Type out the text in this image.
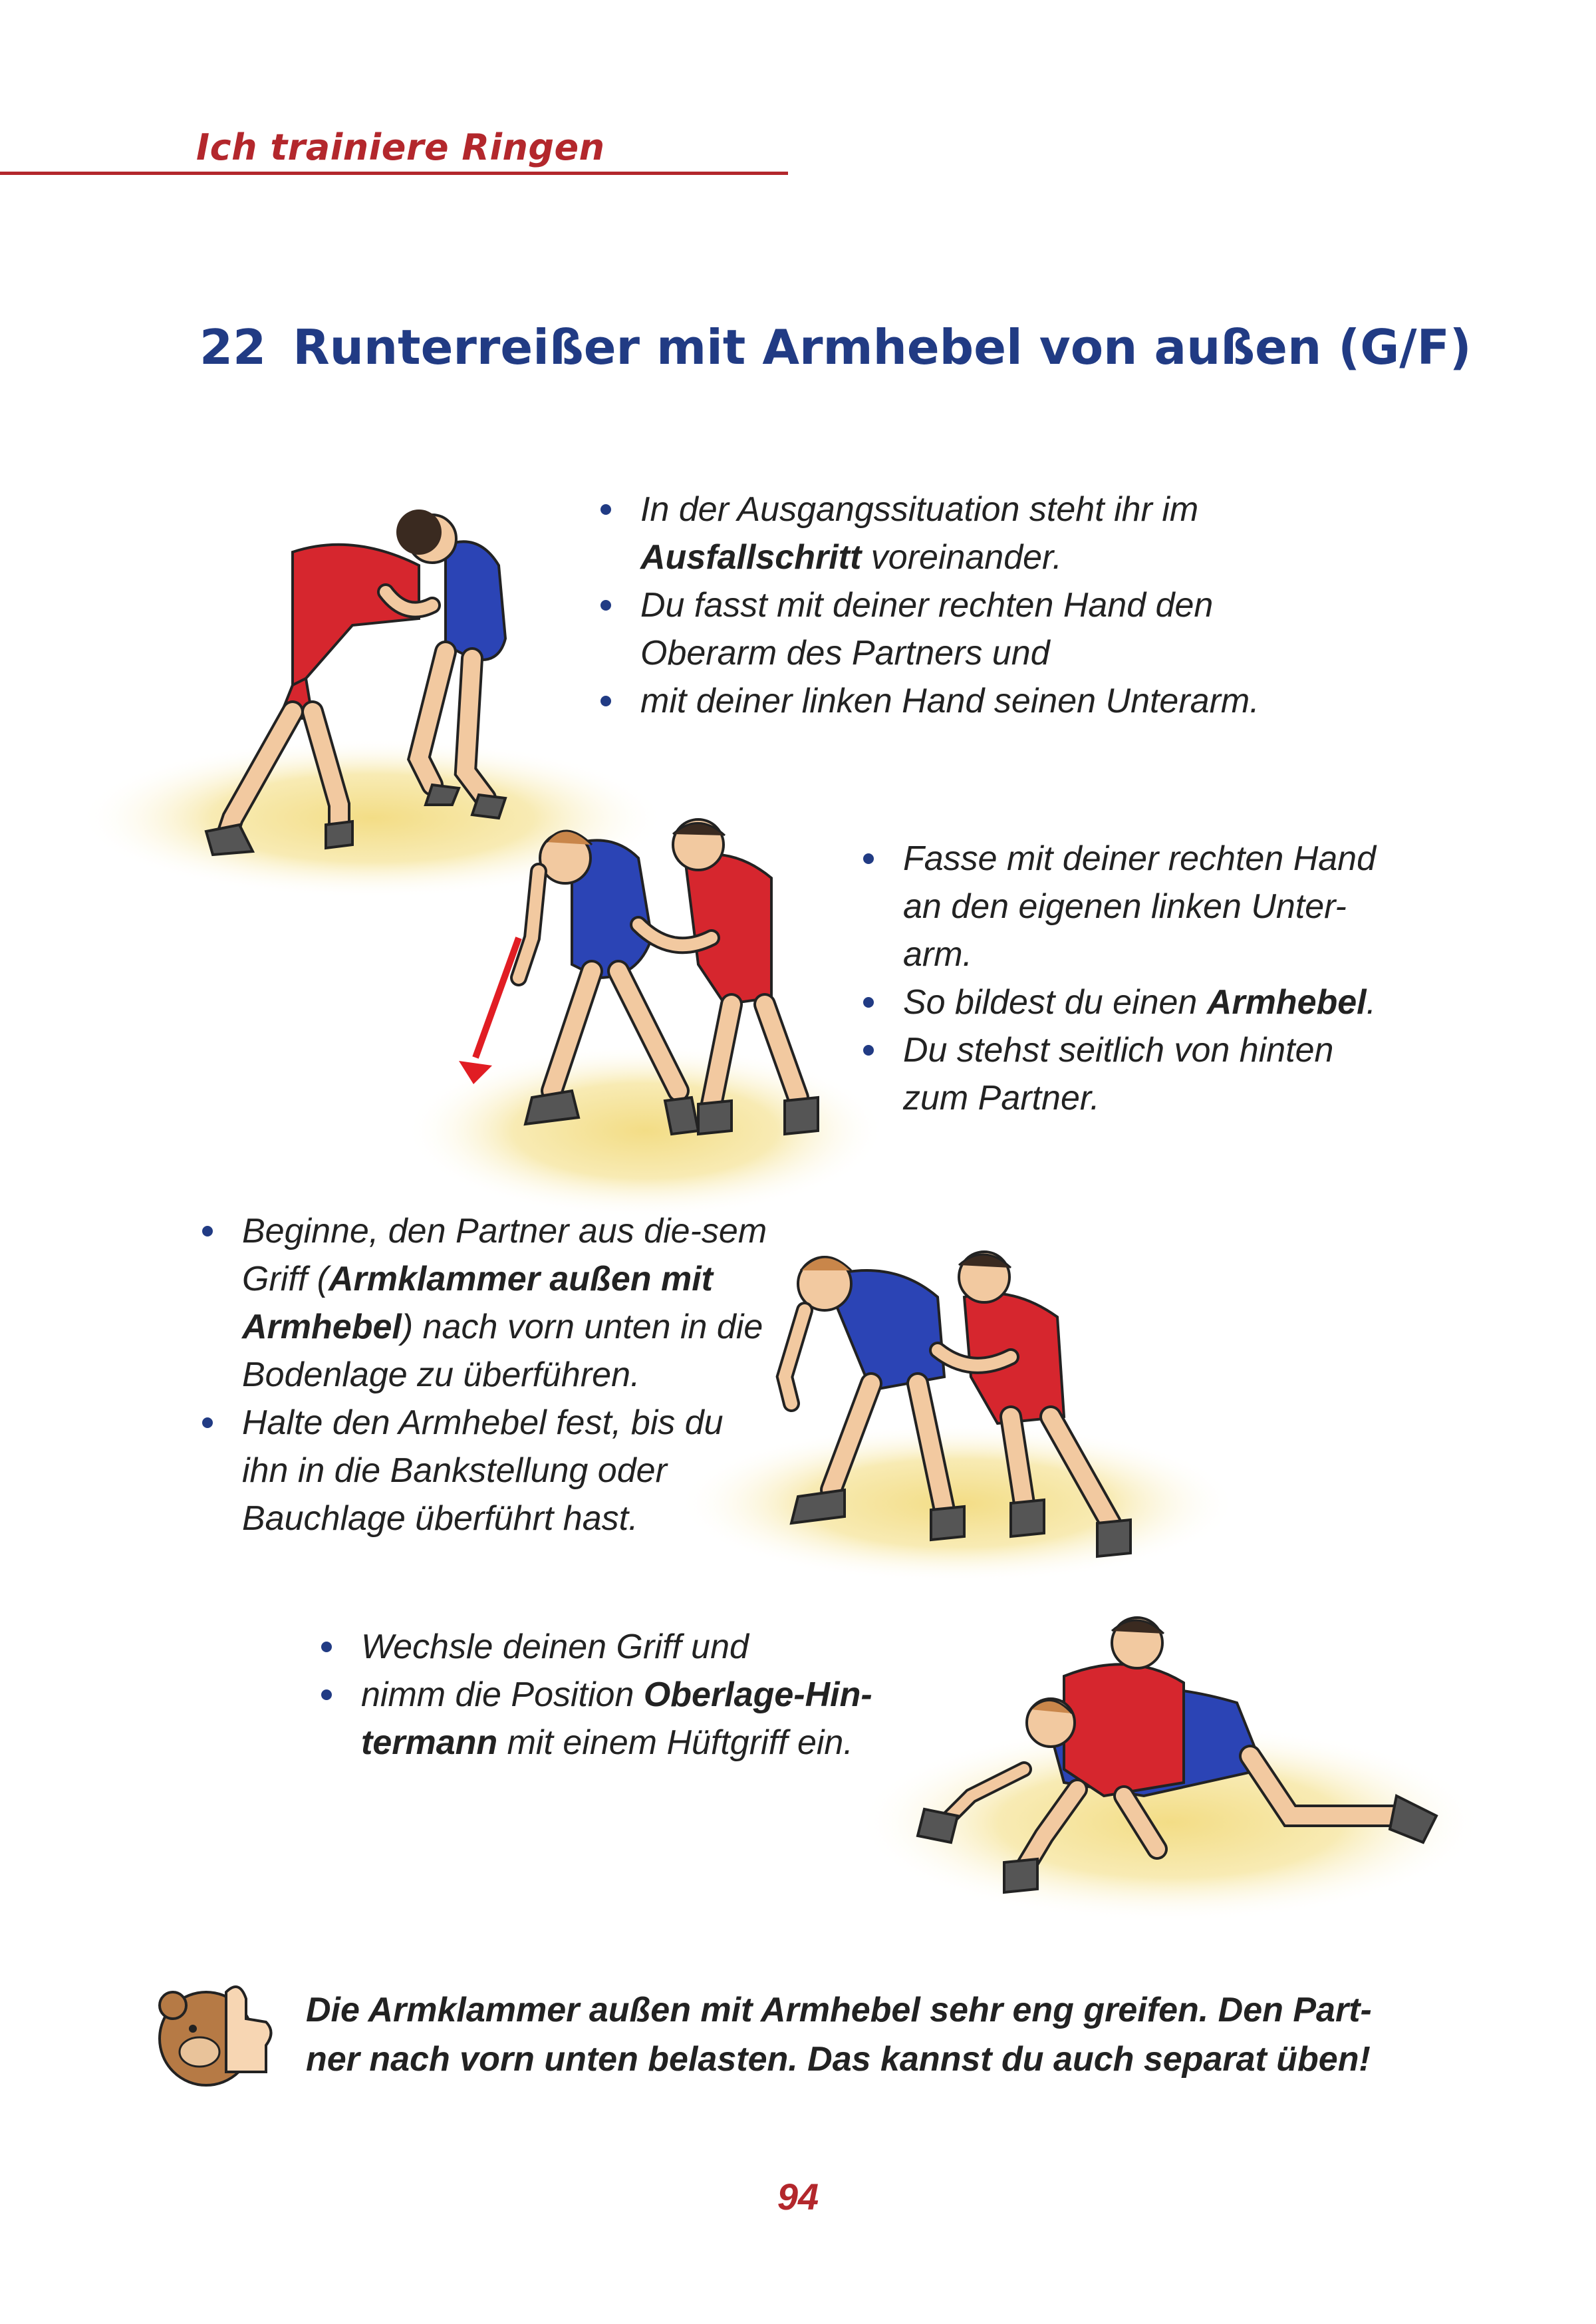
Ich trainiere Ringen
22 Runterreißer mit Armhebel von außen (G/F)
In der Ausgangssituation steht ihr im Ausfallschritt voreinander.
Du fasst mit deiner rechten Hand den Oberarm des Partners und
mit deiner linken Hand seinen Unterarm.
Fasse mit deiner rechten Hand an den eigenen linken Unter-arm.
So bildest du einen Armhebel.
Du stehst seitlich von hinten zum Partner.
Beginne, den Partner aus die-sem Griff (Armklammer außen mit Armhebel) nach vorn unten in die Bodenlage zu überführen.
Halte den Armhebel fest, bis du ihn in die Bankstellung oder Bauchlage überführt hast.
Wechsle deinen Griff und
nimm die Position Oberlage-Hin-termann mit einem Hüftgriff ein.
Die Armklammer außen mit Armhebel sehr eng greifen. Den Part-ner nach vorn unten belasten. Das kannst du auch separat üben!
94
